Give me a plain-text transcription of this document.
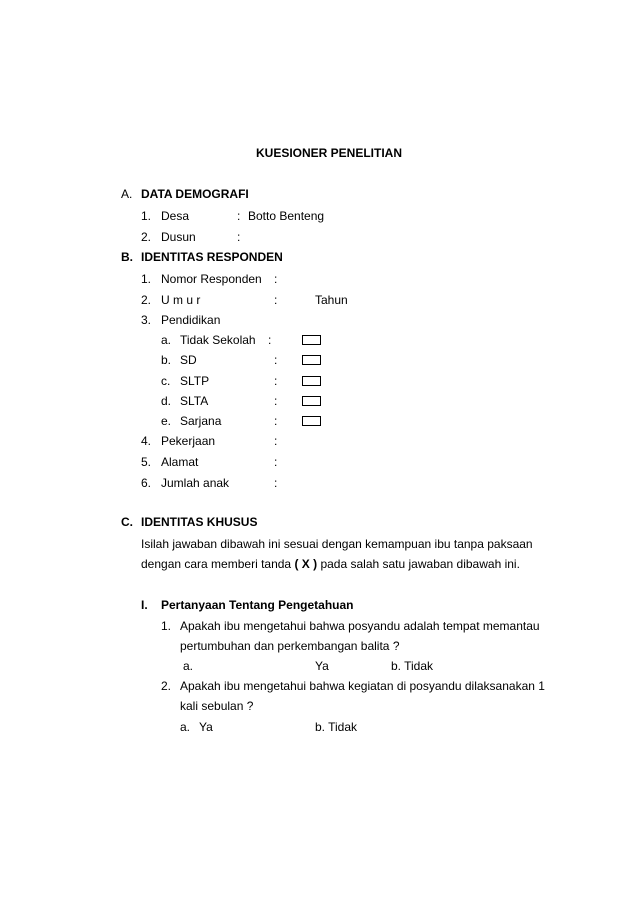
KUESIONER PENELITIAN
A. DATA DEMOGRAFI
1. Desa	: Botto Benteng
2. Dusun	:
B. IDENTITAS RESPONDEN
1. Nomor Responden :
2. U m u r	:	Tahun
3. Pendidikan
a. Tidak Sekolah :
b. SD	:
c. SLTP	:
d. SLTA	:
e. Sarjana	:
4. Pekerjaan	:
5. Alamat	:
6. Jumlah anak	:
C. IDENTITAS KHUSUS
Isilah jawaban dibawah ini sesuai dengan kemampuan ibu tanpa paksaan
dengan cara memberi tanda ( X ) pada salah satu jawaban dibawah ini.
I. Pertanyaan Tentang Pengetahuan
1. Apakah ibu mengetahui bahwa posyandu adalah tempat memantau
pertumbuhan dan perkembangan balita ?
a.	Ya	b. Tidak
2. Apakah ibu mengetahui bahwa kegiatan di posyandu dilaksanakan 1
kali sebulan ?
a. Ya	b. Tidak
